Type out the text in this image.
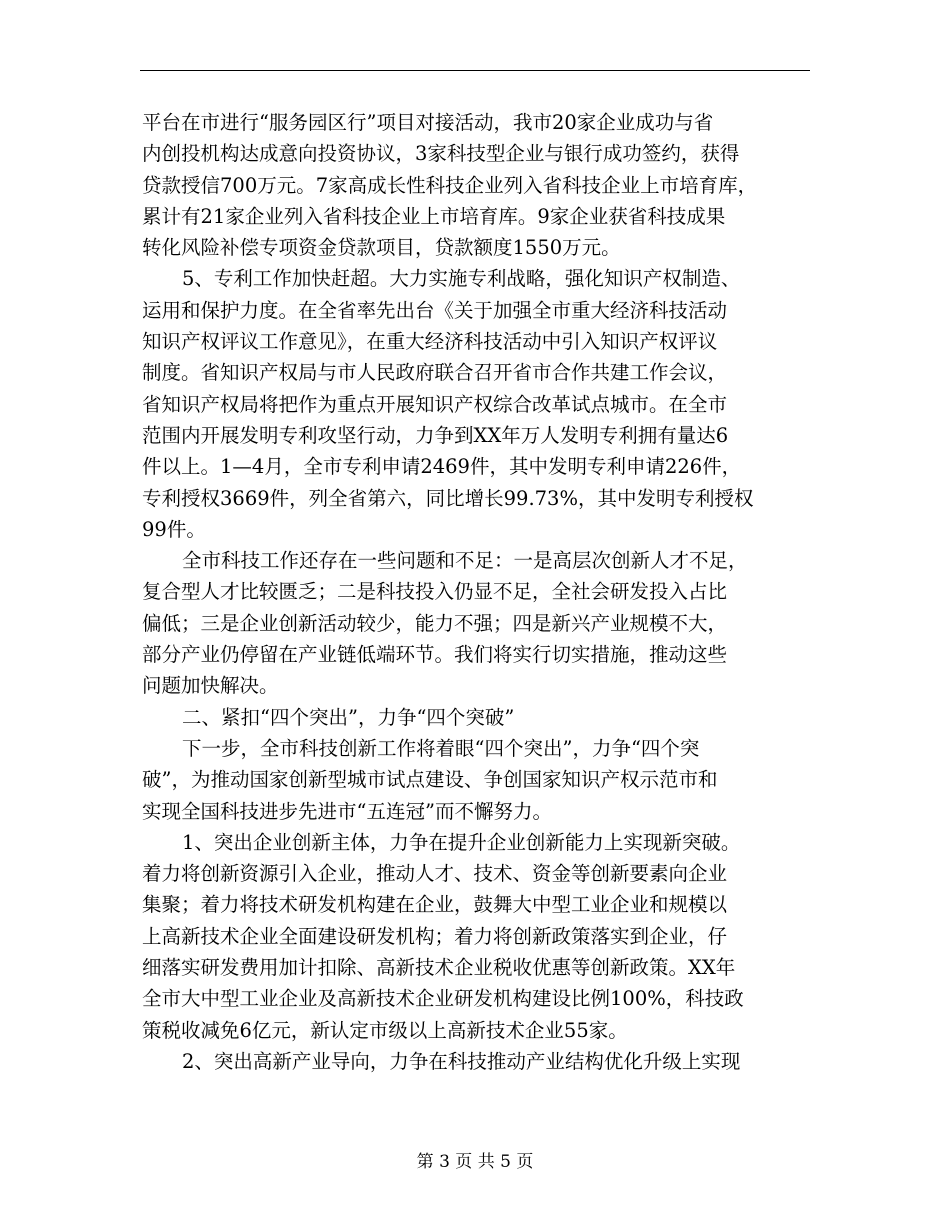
平台在市进行“服务园区行”项目对接活动，我市20家企业成功与省
内创投机构达成意向投资协议，3家科技型企业与银行成功签约，获得
贷款授信700万元。7家高成长性科技企业列入省科技企业上市培育库，
累计有21家企业列入省科技企业上市培育库。9家企业获省科技成果
转化风险补偿专项资金贷款项目，贷款额度1550万元。
5、专利工作加快赶超。大力实施专利战略，强化知识产权制造、
运用和保护力度。在全省率先出台《关于加强全市重大经济科技活动
知识产权评议工作意见》，在重大经济科技活动中引入知识产权评议
制度。省知识产权局与市人民政府联合召开省市合作共建工作会议，
省知识产权局将把作为重点开展知识产权综合改革试点城市。在全市
范围内开展发明专利攻坚行动，力争到XX年万人发明专利拥有量达6
件以上。1—4月，全市专利申请2469件，其中发明专利申请226件，
专利授权3669件，列全省第六，同比增长99.73%，其中发明专利授权
99件。
全市科技工作还存在一些问题和不足：一是高层次创新人才不足，
复合型人才比较匮乏；二是科技投入仍显不足，全社会研发投入占比
偏低；三是企业创新活动较少，能力不强；四是新兴产业规模不大，
部分产业仍停留在产业链低端环节。我们将实行切实措施，推动这些
问题加快解决。
二、紧扣“四个突出”，力争“四个突破”
下一步，全市科技创新工作将着眼“四个突出”，力争“四个突
破”，为推动国家创新型城市试点建设、争创国家知识产权示范市和
实现全国科技进步先进市“五连冠”而不懈努力。
1、突出企业创新主体，力争在提升企业创新能力上实现新突破。
着力将创新资源引入企业，推动人才、技术、资金等创新要素向企业
集聚；着力将技术研发机构建在企业，鼓舞大中型工业企业和规模以
上高新技术企业全面建设研发机构；着力将创新政策落实到企业，仔
细落实研发费用加计扣除、高新技术企业税收优惠等创新政策。XX年
全市大中型工业企业及高新技术企业研发机构建设比例100%，科技政
策税收减免6亿元，新认定市级以上高新技术企业55家。
2、突出高新产业导向，力争在科技推动产业结构优化升级上实现
第 3 页 共 5 页
